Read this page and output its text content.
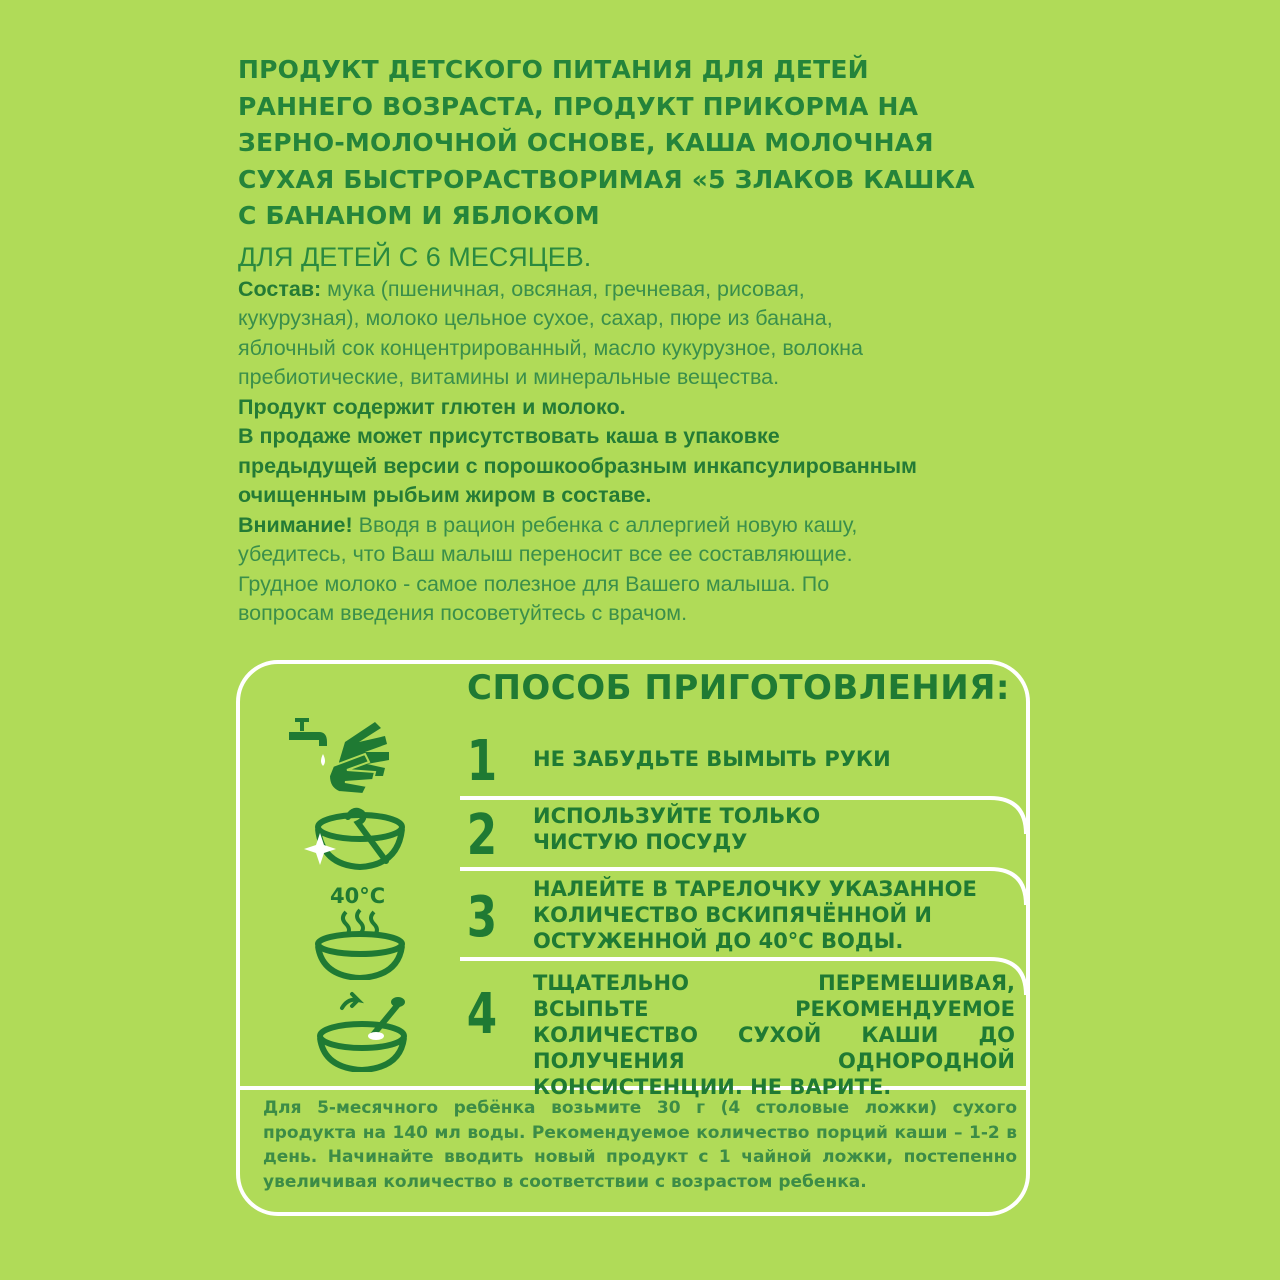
ПРОДУКТ ДЕТСКОГО ПИТАНИЯ ДЛЯ ДЕТЕЙ
РАННЕГО ВОЗРАСТА, ПРОДУКТ ПРИКОРМА НА
ЗЕРНО-МОЛОЧНОЙ ОСНОВЕ, КАША МОЛОЧНАЯ
СУХАЯ БЫСТРОРАСТВОРИМАЯ «5 ЗЛАКОВ КАШКА
С БАНАНОМ И ЯБЛОКОМ

ДЛЯ ДЕТЕЙ С 6 МЕСЯЦЕВ.

Состав: мука (пшеничная, овсяная, гречневая, рисовая,
кукурузная), молоко цельное сухое, сахар, пюре из банана,
яблочный сок концентрированный, масло кукурузное, волокна
пребиотические, витамины и минеральные вещества.

Продукт содержит глютен и молоко.

В продаже может присутствовать каша в упаковке
предыдущей версии с порошкообразным инкапсулированным
очищенным рыбьим жиром в составе.

Внимание! Вводя в рацион ребенка с аллергией новую кашу,
убедитесь, что Ваш малыш переносит все ее составляющие.
Грудное молоко - самое полезное для Вашего малыша. По
вопросам введения посоветуйтесь с врачом.

СПОСОБ ПРИГОТОВЛЕНИЯ:
1 НЕ ЗАБУДЬТЕ ВЫМЫТЬ РУКИ
2 ИСПОЛЬЗУЙТЕ ТОЛЬКО
ЧИСТУЮ ПОСУДУ
3 НАЛЕЙТЕ В ТАРЕЛОЧКУ УКАЗАННОЕ
КОЛИЧЕСТВО ВСКИПЯЧЁННОЙ И
ОСТУЖЕННОЙ ДО 40°С ВОДЫ.
4 ТЩАТЕЛЬНО ПЕРЕМЕШИВАЯ, ВСЫПЬТЕ РЕКОМЕНДУЕМОЕ КОЛИЧЕСТВО СУХОЙ КАШИ ДО ПОЛУЧЕНИЯ ОДНОРОДНОЙ КОНСИСТЕНЦИИ. НЕ ВАРИТЕ.
Для 5-месячного ребёнка возьмите 30 г (4 столовые ложки) сухого продукта на 140 мл воды. Рекомендуемое количество порций каши – 1-2 в день. Начинайте вводить новый продукт с 1 чайной ложки, постепенно увеличивая количество в соответствии с возрастом ребенка.
40°C
